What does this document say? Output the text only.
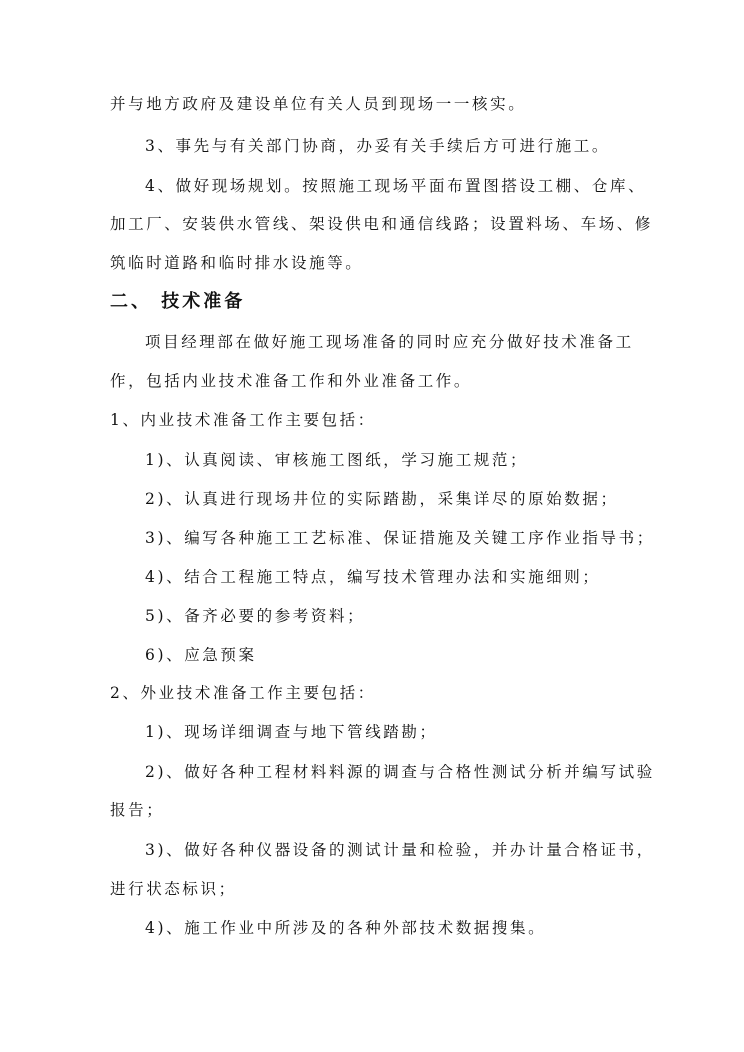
并与地方政府及建设单位有关人员到现场一一核实。
3、事先与有关部门协商，办妥有关手续后方可进行施工。
4、做好现场规划。按照施工现场平面布置图搭设工棚、仓库、
加工厂、安装供水管线、架设供电和通信线路；设置料场、车场、修
筑临时道路和临时排水设施等。
二、 技术准备
项目经理部在做好施工现场准备的同时应充分做好技术准备工
作，包括内业技术准备工作和外业准备工作。
1、内业技术准备工作主要包括：
1)、认真阅读、审核施工图纸，学习施工规范；
2)、认真进行现场井位的实际踏勘，采集详尽的原始数据；
3)、编写各种施工工艺标准、保证措施及关键工序作业指导书；
4)、结合工程施工特点，编写技术管理办法和实施细则；
5)、备齐必要的参考资料；
6)、应急预案
2、外业技术准备工作主要包括：
1)、现场详细调查与地下管线踏勘；
2)、做好各种工程材料料源的调查与合格性测试分析并编写试验
报告；
3)、做好各种仪器设备的测试计量和检验，并办计量合格证书，
进行状态标识；
4)、施工作业中所涉及的各种外部技术数据搜集。
